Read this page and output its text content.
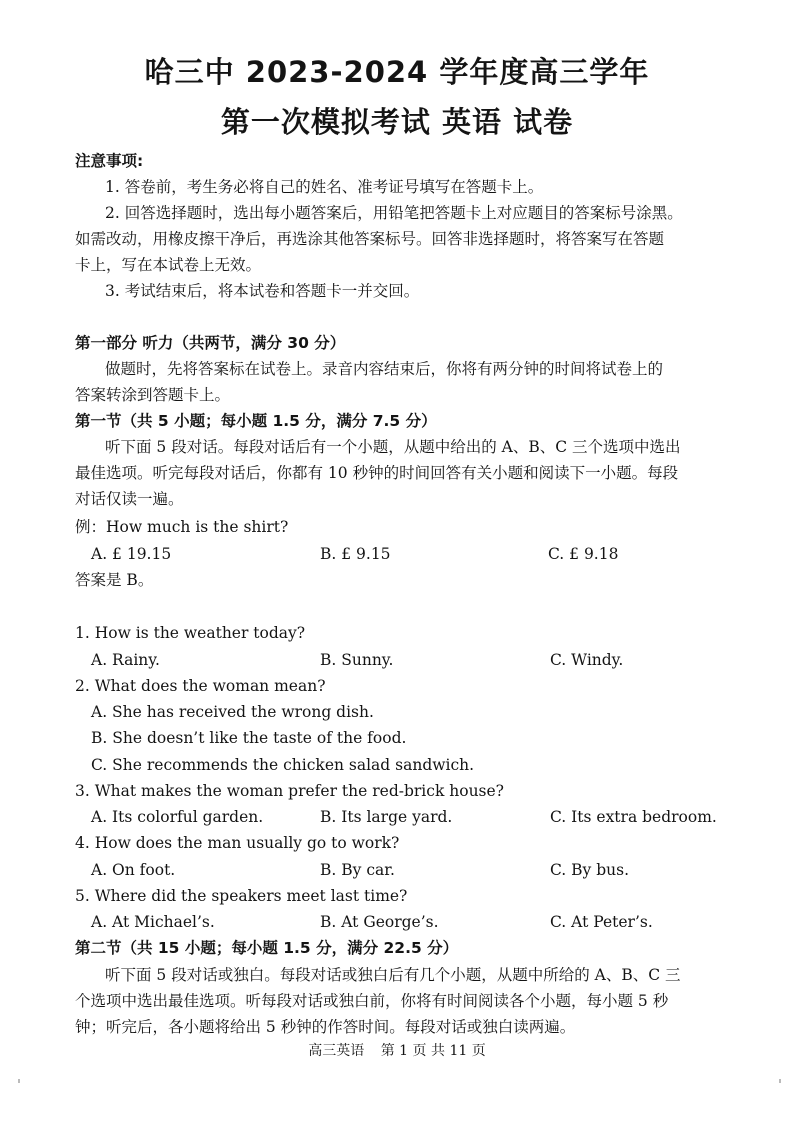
哈三中 2023-2024 学年度高三学年
第一次模拟考试 英语 试卷
注意事项:
1. 答卷前，考生务必将自己的姓名、准考证号填写在答题卡上。
2. 回答选择题时，选出每小题答案后，用铅笔把答题卡上对应题目的答案标号涂黑。
如需改动，用橡皮擦干净后，再选涂其他答案标号。回答非选择题时，将答案写在答题
卡上，写在本试卷上无效。
3. 考试结束后，将本试卷和答题卡一并交回。
第一部分 听力（共两节，满分 30 分）
做题时，先将答案标在试卷上。录音内容结束后，你将有两分钟的时间将试卷上的
答案转涂到答题卡上。
第一节（共 5 小题；每小题 1.5 分，满分 7.5 分）
听下面 5 段对话。每段对话后有一个小题，从题中给出的 A、B、C 三个选项中选出
最佳选项。听完每段对话后，你都有 10 秒钟的时间回答有关小题和阅读下一小题。每段
对话仅读一遍。
例：How much is the shirt?
A. £ 19.15	B. £ 9.15	C. £ 9.18
答案是 B。
1. How is the weather today?
A. Rainy.	B. Sunny.	C. Windy.
2. What does the woman mean?
A. She has received the wrong dish.
B. She doesn’t like the taste of the food.
C. She recommends the chicken salad sandwich.
3. What makes the woman prefer the red-brick house?
A. Its colorful garden.	B. Its large yard.	C. Its extra bedroom.
4. How does the man usually go to work?
A. On foot.	B. By car.	C. By bus.
5. Where did the speakers meet last time?
A. At Michael’s.	B. At George’s.	C. At Peter’s.
第二节（共 15 小题；每小题 1.5 分，满分 22.5 分）
听下面 5 段对话或独白。每段对话或独白后有几个小题，从题中所给的 A、B、C 三
个选项中选出最佳选项。听每段对话或独白前，你将有时间阅读各个小题，每小题 5 秒
钟；听完后，各小题将给出 5 秒钟的作答时间。每段对话或独白读两遍。
高三英语 第 1 页 共 11 页
